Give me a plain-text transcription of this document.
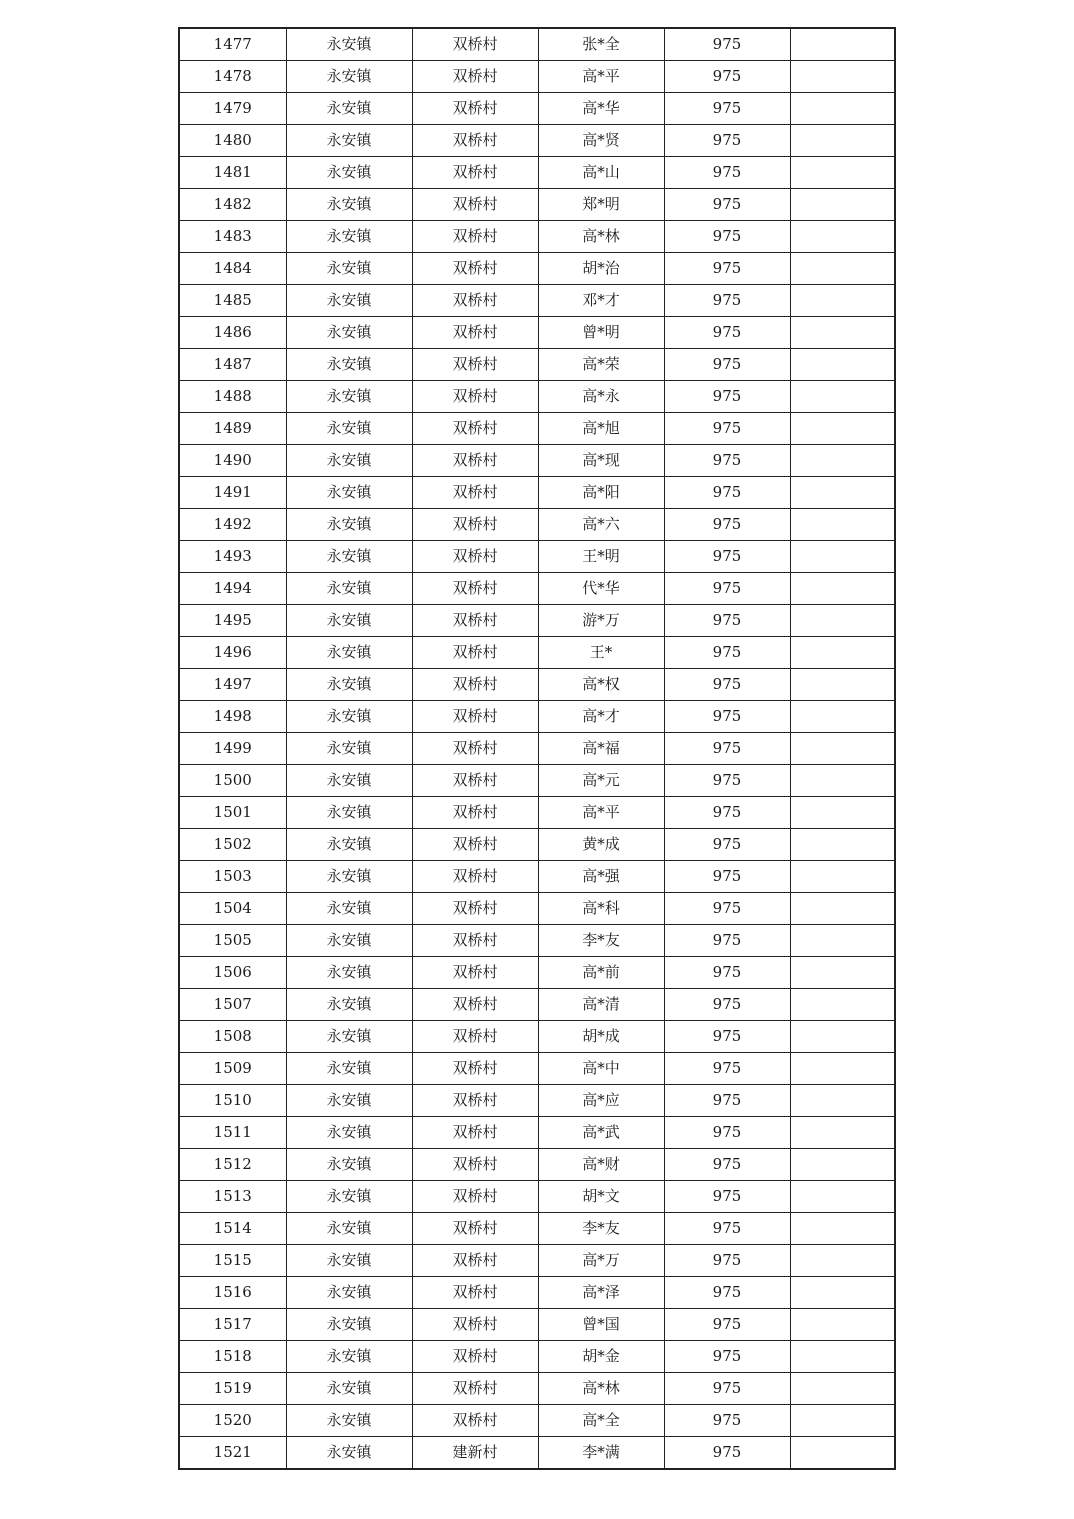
1477	永安镇	双桥村	张*全	975	
1478	永安镇	双桥村	高*平	975	
1479	永安镇	双桥村	高*华	975	
1480	永安镇	双桥村	高*贤	975	
1481	永安镇	双桥村	高*山	975	
1482	永安镇	双桥村	郑*明	975	
1483	永安镇	双桥村	高*林	975	
1484	永安镇	双桥村	胡*治	975	
1485	永安镇	双桥村	邓*才	975	
1486	永安镇	双桥村	曾*明	975	
1487	永安镇	双桥村	高*荣	975	
1488	永安镇	双桥村	高*永	975	
1489	永安镇	双桥村	高*旭	975	
1490	永安镇	双桥村	高*现	975	
1491	永安镇	双桥村	高*阳	975	
1492	永安镇	双桥村	高*六	975	
1493	永安镇	双桥村	王*明	975	
1494	永安镇	双桥村	代*华	975	
1495	永安镇	双桥村	游*万	975	
1496	永安镇	双桥村	王*	975	
1497	永安镇	双桥村	高*权	975	
1498	永安镇	双桥村	高*才	975	
1499	永安镇	双桥村	高*福	975	
1500	永安镇	双桥村	高*元	975	
1501	永安镇	双桥村	高*平	975	
1502	永安镇	双桥村	黄*成	975	
1503	永安镇	双桥村	高*强	975	
1504	永安镇	双桥村	高*科	975	
1505	永安镇	双桥村	李*友	975	
1506	永安镇	双桥村	高*前	975	
1507	永安镇	双桥村	高*清	975	
1508	永安镇	双桥村	胡*成	975	
1509	永安镇	双桥村	高*中	975	
1510	永安镇	双桥村	高*应	975	
1511	永安镇	双桥村	高*武	975	
1512	永安镇	双桥村	高*财	975	
1513	永安镇	双桥村	胡*文	975	
1514	永安镇	双桥村	李*友	975	
1515	永安镇	双桥村	高*万	975	
1516	永安镇	双桥村	高*泽	975	
1517	永安镇	双桥村	曾*国	975	
1518	永安镇	双桥村	胡*金	975	
1519	永安镇	双桥村	高*林	975	
1520	永安镇	双桥村	高*全	975	
1521	永安镇	建新村	李*满	975	
